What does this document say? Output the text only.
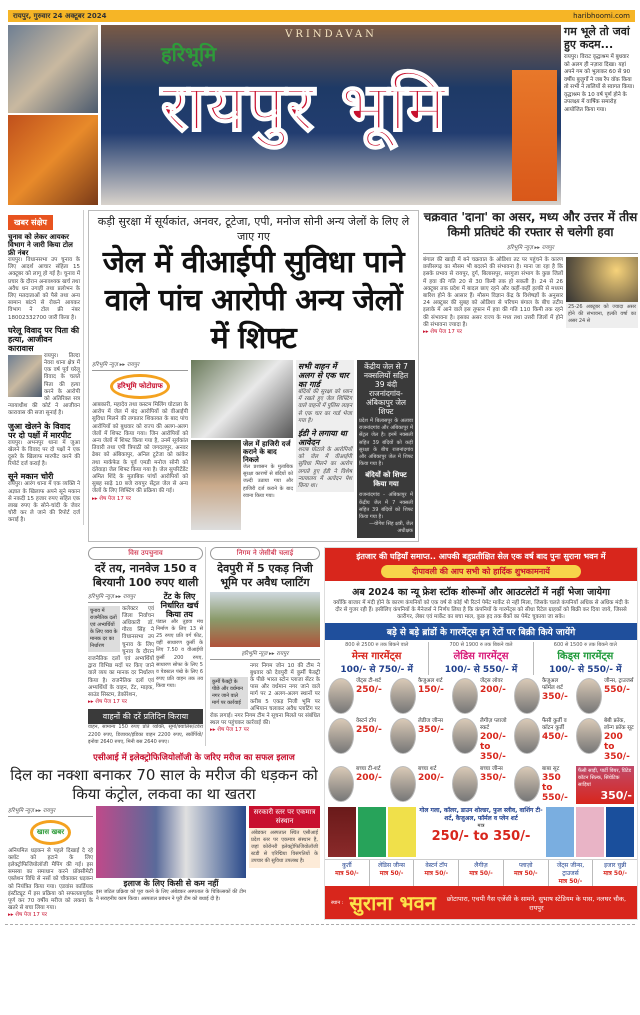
रायपुर, गुरुवार 24 अक्टूबर 2024	haribhoomi.com
VRINDAVAN
हरिभूमि
रायपुर भूमि
गम भूले तो जवां हुए कदम...
रायपुर। विराट वृद्धाश्रम में बुधवार को अलग ही नज़ारा दिखा। यहां अपने गम को भुलाकर 60 से 90 वर्षीय बुजुर्गों ने जब रैंप वॉक किया तो सभी ने तालियों से स्वागत किया। वृद्धाश्रम के 10 वर्ष पूर्ण होने के उपलक्ष्य में वार्षिक समारोह आयोजित किया गया।
खबर संक्षेप
चुनाव को लेकर आयकर विभाग ने जारी किया टोल फ्री नंबर
रायपुर। विधानसभा उप चुनाव के लिए आदर्श आचार संहिता 15 अक्टूबर को लागू हो गई है। चुनाव में प्रचार के दौरान अनावश्यक खर्च तथा अवैध धन उगाही तथा प्रलोभन के लिए मतदाताओं को पैसे तथा अन्य सामान बांटने से रोकने आयकर विभाग ने टोल फ्री नंबर 18002332700 जारी किया है।
घरेलू विवाद पर पिता की हत्या, आजीवन कारावास
रायपुर। तिल्दा नेवरा थाना क्षेत्र में एक वर्ष पूर्व घरेलू विवाद के चलते पिता की हत्या करने के आरोपी को अतिरिक्त सत्र न्यायाधीश की कोर्ट ने आजीवन कारावास की सजा सुनाई है।
जुआ खेलने के विवाद पर दो पक्षों में मारपीट
रायपुर। अभनपुर थाना में जुआ खेलने के विवाद पर दो पक्षों ने एक दूसरे के खिलाफ मारपीट करने की रिपोर्ट दर्ज कराई है।
सूने मकान चोरी
रायपुर। आरंग थाना में एक व्यक्ति ने अज्ञात के खिलाफ अपने सूने मकान से नकदी 15 हजार रुपए सहित एक लाख रुपए के सोने-चांदी के जेवर चोरी कर ले जाने की रिपोर्ट दर्ज कराई है।
कड़ी सुरक्षा में सूर्यकांत, अनवर, टूटेजा, एपी, मनोज सोनी अन्य जेलों के लिए ले जाए गए
जेल में वीआईपी सुविधा पाने वाले पांच आरोपी अन्य जेलों में शिफ्ट
हरिभूमि न्यूज़ ▸▸ रायपुर
हरिभूमि फोटोग्राफ
आबकारी, महादेव तथा कस्टम मिलिंग घोटाला के आरोप में जेल में बंद आरोपियों को वीआईपी सुविधा मिलने की लगातार शिकायत के बाद पांच आरोपियों को बुधवार को राज्य की अलग-अलग जेलों में शिफ्ट किया गया। जिन आरोपियों को अन्य जेलों में शिफ्ट किया गया है, उनमें सूर्यकांत तिवारी तथा एपी त्रिपाठी को जगदलपुर, अनवर ढेबर को अंबिकापुर, अनिल टुटेजा को कांकेर तथा मार्कफेड के पूर्व एमडी मनोज सोनी को दंतेवाड़ा जेल शिफ्ट किया गया है। जेल सुपरिटेंडेंट अमित शिंदे के मुताबिक पांचों आरोपियों को सुबह साढ़े 10 बजे रायपुर सेंट्रल जेल से अन्य जेलों के लिए शिफ्टिंग की प्रक्रिया की गई।
▸▸ शेष पेज 17 पर
जेल में हाजिरी दर्ज कराने के बाद निकले
जेल प्रशासन के मुताबिक सुरक्षा कारणों से बंदियों को जल्दी उठाया गया और हाजिरी दर्ज कराने के बाद रवाना किया गया।
सभी वाहन में अलग से एक चार का गार्ड
बंदियों की सुरक्षा को ध्यान में रखते हुए जेल शिफ्टिंग वाले वाहनों में पुलिस लाइन से एक चार का गार्ड भेजा गया है।
ईडी ने लगाया था आवेदन
शराब घोटाले के आरोपियों को जेल में वीआईपी सुविधा मिलने का आरोप लगाते हुए ईडी ने विशेष न्यायालय में आवेदन पेश किया था।
केंद्रीय जेल से 7 नक्सलियों सहित 39 बंदी राजनांदगांव-अंबिकापुर जेल शिफ्ट
प्रदेश में बिलासपुर के अलावा राजनांदगांव और अंबिकापुर में सेंट्रल जेल है। इनमें नक्सली सहित 39 बंदियों को कड़ी सुरक्षा के बीच राजनांदगांव और अंबिकापुर जेल में शिफ्ट किया गया है।
बंदियों को शिफ्ट किया गया
राजनांदगांव - अंबिकापुर में केंद्रीय जेल में 7 नक्सली सहित 39 बंदियों को शिफ्ट किया गया है।
—योगेश सिंह क्षत्री, जेल अधीक्षक
चक्रवात 'दाना' का असर, मध्य और उत्तर में तीस किमी प्रतिघंटे की रफ्तार से चलेगी हवा
हरिभूमि न्यूज़ ▸▸ रायपुर
25-26 अक्टूबर को ज्यादा असर होने की संभावना, हल्की वर्षा का असर 24 से
बंगाल की खाड़ी में बने चक्रवात के ओडिशा तट पर पहुंचने के कारण छत्तीसगढ़ का मौसम भी बदलने की संभावना है। माना जा रहा है कि इसके प्रभाव से रायपुर, दुर्ग, बिलासपुर, सरगुजा संभाग के कुछ जिलों में हवा की गति 20 से 30 किमी तक हो सकती है। 24 से 26 अक्टूबर तक प्रदेश में बादल छाए रहने और कहीं-कहीं हल्की से मध्यम बारिश होने के आसार हैं। मौसम विज्ञान केंद्र के विशेषज्ञों के अनुसार 24 अक्टूबर की सुबह को ओडिशा से परिचम बंगाल के बीच तटीय इलाके में आने वाले इस तूफान में हवा की गति 110 किमी तक रहने की संभावना है। इसका असर राज्य के मध्य तथा उत्तरी जिलों में होने की संभावना ज्यादा है।
▸▸ शेष पेज 17 पर
विस उपचुनाव
दरें तय, नानवेज 150 व बिरयानी 100 रुपए थाली
हरिभूमि न्यूज़ ▸▸ रायपुर
चुनाव में राजनैतिक दलों एवं अभ्यर्थियों के लिए व्यय के मानक दर का निर्धारण
कलेक्टर एवं जिला निर्वाचन अधिकारी डॉ. गौरव सिंह ने विधानसभा उप चुनाव के लिए चुनाव के दौरान राजनैतिक दलों एवं अभ्यर्थियों द्वारा विभिन्न मदों पर किए जाने वाले व्यय का मानक दर निर्धारण किया है। राजनैतिक दलों एवं अभ्यर्थियों के वाहन, टेंट, माइक, साउंड सिस्टम, डेकोरेशन,
▸▸ शेष पेज 17 पर
टेंट के लिए निर्धारित खर्च किया तय
पंडाल और तुड़वा मंच निर्माण के लिए 13 से 25 रुपए प्रति वर्ग फीट, वहीं साधारण कुर्सी के लिए 7.50 व वीआईपी कुर्सी 200 रुपए, साधारण सोफा के लिए 5 व पेडस्टल पंखे के लिए 6 रुपए प्रति वाहन तक तय किया गया।
वाहनों की दरें प्रतिदिन किराया
वाहन, सामान्य 150 रुपए प्रति व्यक्ति, सूमो/क्वालिस/टवेरा 2200 रुपए, डिजायर/इंडिका वाहन 2200 रुपए, स्कॉर्पियो/इनोवा 2640 रुपए, मिनी बस 2640 रुपए।
निगम ने जेसीबी चलाई
देवपुरी में 5 एकड़ निजी भूमि पर अवैध प्लाटिंग
हरिभूमि न्यूज़ ▸▸ रायपुर
कुर्मी फैक्ट्री के पीछे और वर्धमान नगर जाने वाले मार्ग पर कार्रवाई
नगर निगम जोन 10 की टीम ने बुधवार को देवपुरी में कुर्मी फैक्ट्री के पीछे भारत स्टोन प्लाजा सेंटर के पास और वर्धमान नगर जाने वाले मार्ग पर 2 अलग-अलग स्थानों पर करीब 5 एकड़ निजी भूमि पर अभियान चलाकर अवैध प्लाटिंग पर रोक लगाई। नगर निगम टीम ने सूचना मिलते पर संबंधित स्थल पर पहुंचकर कार्रवाई की।
▸▸ शेष पेज 17 पर
एसीआई में इलेक्ट्रोफिजियोलॉजी के जरिए मरीज का सफल इलाज
दिल का नक्शा बनाकर 70 साल के मरीज की धड़कन को किया कंट्रोल, लकवा का था खतरा
हरिभूमि न्यूज़ ▸▸ रायपुर
खास खबर
अनियमित धड़कन से पहले दिखाई दे रहे क्लॉट को हटाने के लिए इलेक्ट्रोफिजियोलॉजी मैपिंग की गई। इस समस्या का समाधान करने प्रॉक्सीमेटी एब्लेशन विधि से नसों को चौकाकर धड़कन को नियंत्रित किया गया। एडवांस कार्डियक इंस्टीट्यूट में इस प्रक्रिया को सफलतापूर्वक पूर्ण कर 70 वर्षीय मरीज को लकवा के खतरे से बचा लिया गया।
▸▸ शेष पेज 17 पर
इलाज के लिए किसी से कम नहीं
इस जटिल प्रक्रिया को पूरा करने के लिए अंबेडकर अस्पताल के चिकित्सकों की टीम ने सराहनीय काम किया। अस्पताल प्रबंधन ने पूरी टीम को बधाई दी है।
सरकारी स्तर पर एकमात्र संस्थान
अंबेडकर अस्पताल स्थित एसीआई प्रदेश स्तर पर एकमात्र संस्थान है, जहां कोरोनरी इलेक्ट्रोफिजियोलॉजी स्टडी से एरिद्मिया विसंगतियों के उपचार की सुविधा उपलब्ध है।
इंतजार की घड़ियाँ समाप्त.. आपकी बहुप्रतीक्षित सेल एक वर्ष बाद पुनः सुराना भवन में
दीपावली की आप सभी को हार्दिक शुभकामनायें
अब 2024 का न्यू फ्रेश स्टॉक शोरूमों और आउटलेटों में नहीं भेजा जायेगा
क्योंकि बाजार में मंदी होने के कारण कंपनियों को एक वर्ष से कोई भी रिटर्न पेमेंट मार्केट से नहीं मिला, जिसके चलते कंपनियाँ अधिक से अधिक मंदी के दौर से गुजर रही हैं। इसीलिए कंपनियों के मैनेजर्स ने निर्णय लिया है कि कंपनियों के गारमेंट्स को सीधा रिटेल ग्राहकों को बिक्री कर दिया जाये, जिससे कारीगर, लेबर एवं मार्केट का बचा माल, कुछ हद तक बैंकों का पेमेंट चुकाया जा सके।
बड़े से बड़े ब्रांडों के गारमेंट्स इन रेटों पर बिक्री किये जायेंगे
800 से 2500 रु तक बिकने वाले
मेन्स गारमेंट्स
100/- से 750/- में
700 से 1900 रु तक बिकने वाले
लेडिस गारमेंट्स
100/- से 550/- में
600 से 1500 रु तक बिकने वाले
किड्स गारमेंट्स
100/- से 550/- में
जेंट्स टी-शर्ट
250/-
कैजुअल शर्ट
150/-
जेंट्स लोवर
200/-
कैजुअल फॉर्मल शर्ट
350/-
जीन्स, ट्राउजर्स
550/-
वेस्टर्न टॉप
250/-
लेडीज जीन्स
350/-
लैगीज़ प्लाजो स्कर्ट
200/- to 350/-
फैंसी कुर्ती व कॉटन कुर्ती
450/-
बेबी फ्रॉक, लॉन्ग फ्रॉक सूट
200 to 350/-
बच्चा टी-शर्ट
200/-
बच्चा शर्ट
200/-
बच्चा जीन्स
350/-
बाबा सूट
350 to 550/-
फैंसी साड़ी, पार्टी वियर, प्रिंटेड कॉटन सिल्क, सिंथेटिक साड़ियां
350/-
गोल गला, कॉलर, डाउन शोल्डर, फुल स्लीव, वाशिंग टी-शर्ट, कैजुअल, फॉर्मल व प्लेन शर्ट
मात्र
250/- to 350/-
कुर्ती
मात्र 50/-
लेडिस जीन्स
मात्र 50/-
वेस्टर्न टॉप
मात्र 50/-
लैगीज़
मात्र 50/-
प्लाज़ो
मात्र 50/-
जेंट्स जीन्स, ट्राउजर्स
मात्र 50/-
इजार चुन्नी
मात्र 50/-
स्थान : सुराना भवन	छोटापारा, एचपी गैस एजेंसी के सामने, सुभाष स्टेडियम के पास, नलघर चौक, रायपुर
